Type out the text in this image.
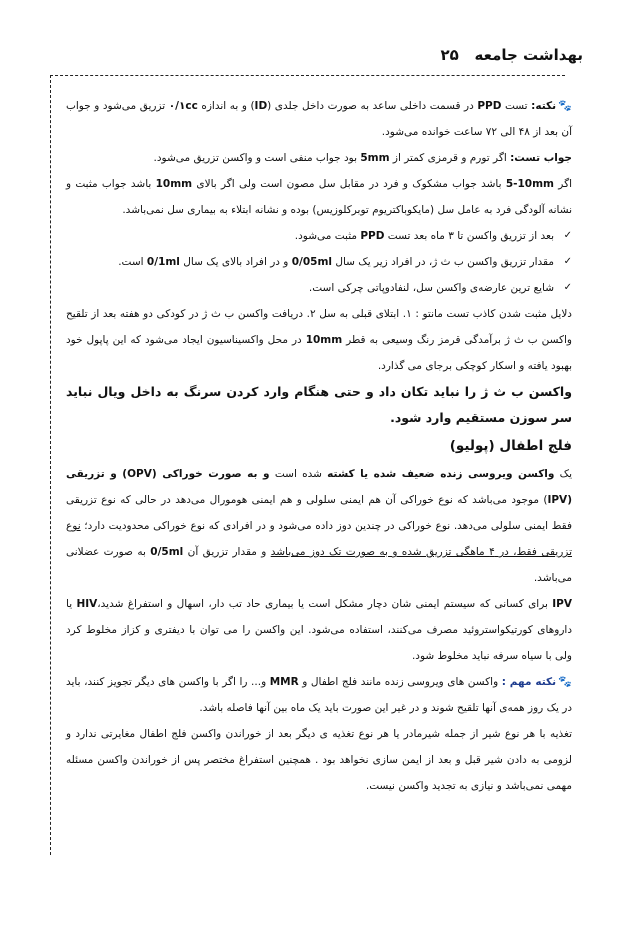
بهداشت جامعه   ۲۵

🐾نکته: تست PPD در قسمت داخلی ساعد به صورت داخل جلدی (ID) و به اندازه ۰/۱cc تزریق می‌شود و جواب آن بعد از ۴۸ الی ۷۲ ساعت خوانده می‌شود.

جواب تست: اگر تورم و قرمزی کمتر از 5mm بود جواب منفی است و واکسن تزریق می‌شود.

اگر 5-10mm باشد جواب مشکوک و فرد در مقابل سل مصون است ولی اگر بالای 10mm باشد جواب مثبت و نشانه آلودگی فرد به عامل سل (مایکوباکتریوم توبرکلوزیس) بوده و نشانه ابتلاء به بیماری سل نمی‌باشد.

✓
بعد از تزریق واکسن تا ۳ ماه بعد تست PPD مثبت می‌شود.

✓
مقدار تزریق واکسن ب ث ژ، در افراد زیر یک سال 0/05ml و در افراد بالای یک سال 0/1ml است.

✓
شایع ترین عارضه‌ی واکسن سل، لنفادوپاتی چرکی است.

دلایل مثبت شدن کاذب تست مانتو : ۱. ابتلای قبلی به سل ۲. دریافت واکسن ب ث ژ در کودکی دو هفته بعد از تلقیح واکسن ب ث ژ برآمدگی قرمز رنگ وسیعی به قطر 10mm در محل واکسیناسیون ایجاد می‌شود که این پاپول خود بهبود یافته و اسکار کوچکی برجای می گذارد.

واکسن ب ث ژ را نباید تکان داد و حتی هنگام وارد کردن سرنگ به داخل ویال نباید سر سوزن مستقیم وارد شود.

فلج اطفال (پولیو)

یک واکسن ویروسی زنده ضعیف شده یا کشته شده است و به صورت خوراکی (OPV) و تزریقی (IPV) موجود می‌باشد که نوع خوراکی آن هم ایمنی سلولی و هم ایمنی هومورال می‌دهد در حالی که نوع تزریقی فقط ایمنی سلولی می‌دهد. نوع خوراکی در چندین دوز داده می‌شود و در افرادی که نوع خوراکی محدودیت دارد؛ نوع تزریقی فقط، در ۴ ماهگی تزریق شده و به صورت تک دوز می‌باشد و مقدار تزریق آن 0/5ml به صورت عضلانی می‌باشد.

IPV برای کسانی که سیستم ایمنی شان دچار مشکل است یا بیماری حاد تب دار، اسهال و استفراغ شدید،HIV یا داروهای کورتیکواستروئید مصرف می‌کنند، استفاده می‌شود. این واکسن را می توان با دیفتری و کزاز مخلوط کرد ولی با سیاه سرفه نباید مخلوط شود.

🐾نکته مهم : واکسن های ویروسی زنده مانند فلج اطفال و MMR و... را اگر با واکسن های دیگر تجویز کنند، باید در یک روز همه‌ی آنها تلقیح شوند و در غیر این صورت باید یک ماه بین آنها فاصله باشد.

تغذیه با هر نوع شیر از جمله شیرمادر یا هر نوع تغذیه ی دیگر بعد از خوراندن واکسن فلج اطفال مغایرتی ندارد و لزومی به دادن شیر قبل و بعد از ایمن سازی نخواهد بود . همچنین استفراغ مختصر پس از خوراندن واکسن مسئله مهمی نمی‌باشد و نیازی به تجدید واکسن نیست.
